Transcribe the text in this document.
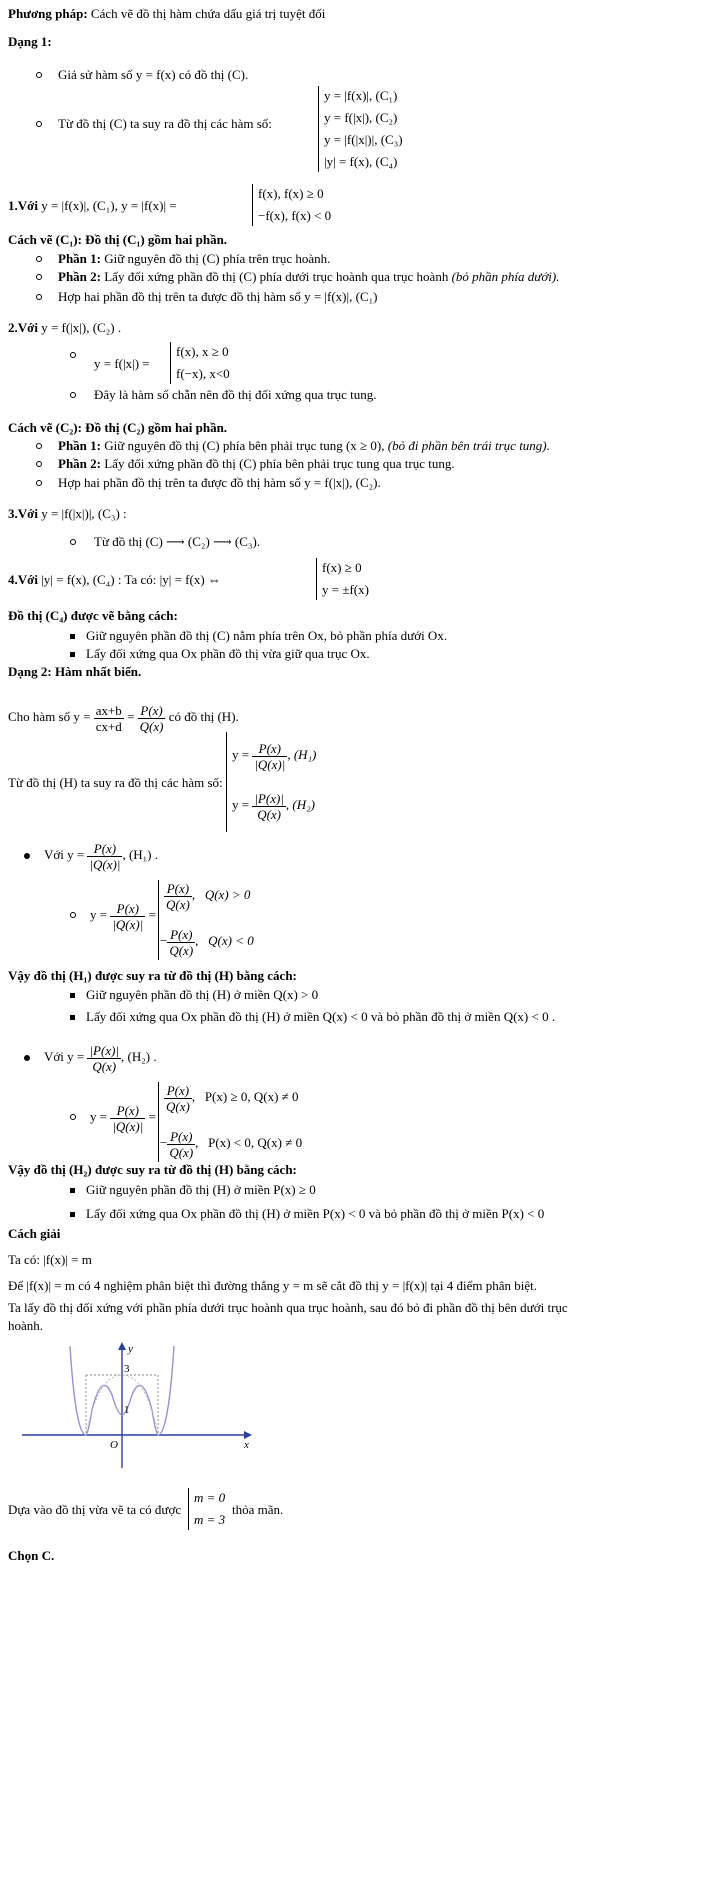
Phương pháp: Cách vẽ đồ thị hàm chứa dấu giá trị tuyệt đối
Dạng 1:
Giả sử hàm số y = f(x) có đồ thị (C).
Từ đồ thị (C) ta suy ra đồ thị các hàm số:
y = |f(x)|, (C₁)
y = f(|x|), (C₂)
y = |f(|x|)|, (C₃)
|y| = f(x), (C₄)
1.Với y = |f(x)|, (C₁), y = |f(x)| =
f(x), f(x) ≥ 0
−f(x), f(x) < 0
Cách vẽ (C₁): Đồ thị (C₁) gồm hai phần.
Phần 1: Giữ nguyên đồ thị (C) phía trên trục hoành.
Phần 2: Lấy đối xứng phần đồ thị (C) phía dưới trục hoành qua trục hoành (bỏ phần phía dưới).
Hợp hai phần đồ thị trên ta được đồ thị hàm số y = |f(x)|, (C₁)
2.Với y = f(|x|), (C₂) .
y = f(|x|) =
f(x), x ≥ 0
f(−x), x<0
Đây là hàm số chẵn nên đồ thị đối xứng qua trục tung.
Cách vẽ (C₂): Đồ thị (C₂) gồm hai phần.
Phần 1: Giữ nguyên đồ thị (C) phía bên phải trục tung (x ≥ 0), (bỏ đi phần bên trái trục tung).
Phần 2: Lấy đối xứng phần đồ thị (C) phía bên phải trục tung qua trục tung.
Hợp hai phần đồ thị trên ta được đồ thị hàm số y = f(|x|), (C₂).
3.Với y = |f(|x|)|, (C₃) :
Từ đồ thị (C) ⟶ (C₂) ⟶ (C₃).
4.Với |y| = f(x), (C₄) : Ta có: |y| = f(x) ⇔
f(x) ≥ 0
y = ±f(x)
Đồ thị (C₄) được vẽ bằng cách:
Giữ nguyên phần đồ thị (C) nằm phía trên Ox, bỏ phần phía dưới Ox.
Lấy đối xứng qua Ox phần đồ thị vừa giữ qua trục Ox.
Dạng 2: Hàm nhất biến.
Cho hàm số $y = \frac{ax+b}{cx+d} = \frac{P(x)}{Q(x)}$ có đồ thị (H).
Từ đồ thị (H) ta suy ra đồ thị các hàm số:
$y = \frac{P(x)}{|Q(x)|}$ , (H₁)
$y = \frac{|P(x)|}{Q(x)}$ , (H₂)
Với $y = \frac{P(x)}{|Q(x)|}$ , (H₁) .
$y = \frac{P(x)}{|Q(x)|}$ =
$\frac{P(x)}{Q(x)}$ ,   Q(x) > 0
− $\frac{P(x)}{Q(x)}$ ,   Q(x) < 0
Vậy đồ thị (H₁) được suy ra từ đồ thị (H) bằng cách:
Giữ nguyên phần đồ thị (H) ở miền Q(x) > 0
Lấy đối xứng qua Ox phần đồ thị (H) ở miền Q(x) < 0 và bỏ phần đồ thị ở miền Q(x) < 0 .
Với $y = \frac{|P(x)|}{Q(x)}$ , (H₂) .
$y = \frac{P(x)}{|Q(x)|}$ =
$\frac{P(x)}{Q(x)}$ ,   P(x) ≥ 0, Q(x) ≠ 0
− $\frac{P(x)}{Q(x)}$ ,   P(x) < 0, Q(x) ≠ 0
Vậy đồ thị (H₂) được suy ra từ đồ thị (H) bằng cách:
Giữ nguyên phần đồ thị (H) ở miền P(x) ≥ 0
Lấy đối xứng qua Ox phần đồ thị (H) ở miền P(x) < 0 và bỏ phần đồ thị ở miền P(x) < 0
Cách giải
Ta có: |f(x)| = m
Để |f(x)| = m có 4 nghiệm phân biệt thì đường thẳng y = m sẽ cắt đồ thị y = |f(x)| tại 4 điểm phân biệt.
Ta lấy đồ thị đối xứng với phần phía dưới trục hoành qua trục hoành, sau đó bỏ đi phần đồ thị bên dưới trục
hoành.
y
x
O
3
1
Dựa vào đồ thị vừa vẽ ta có được
m = 0
m = 3
thỏa mãn.
Chọn C.
